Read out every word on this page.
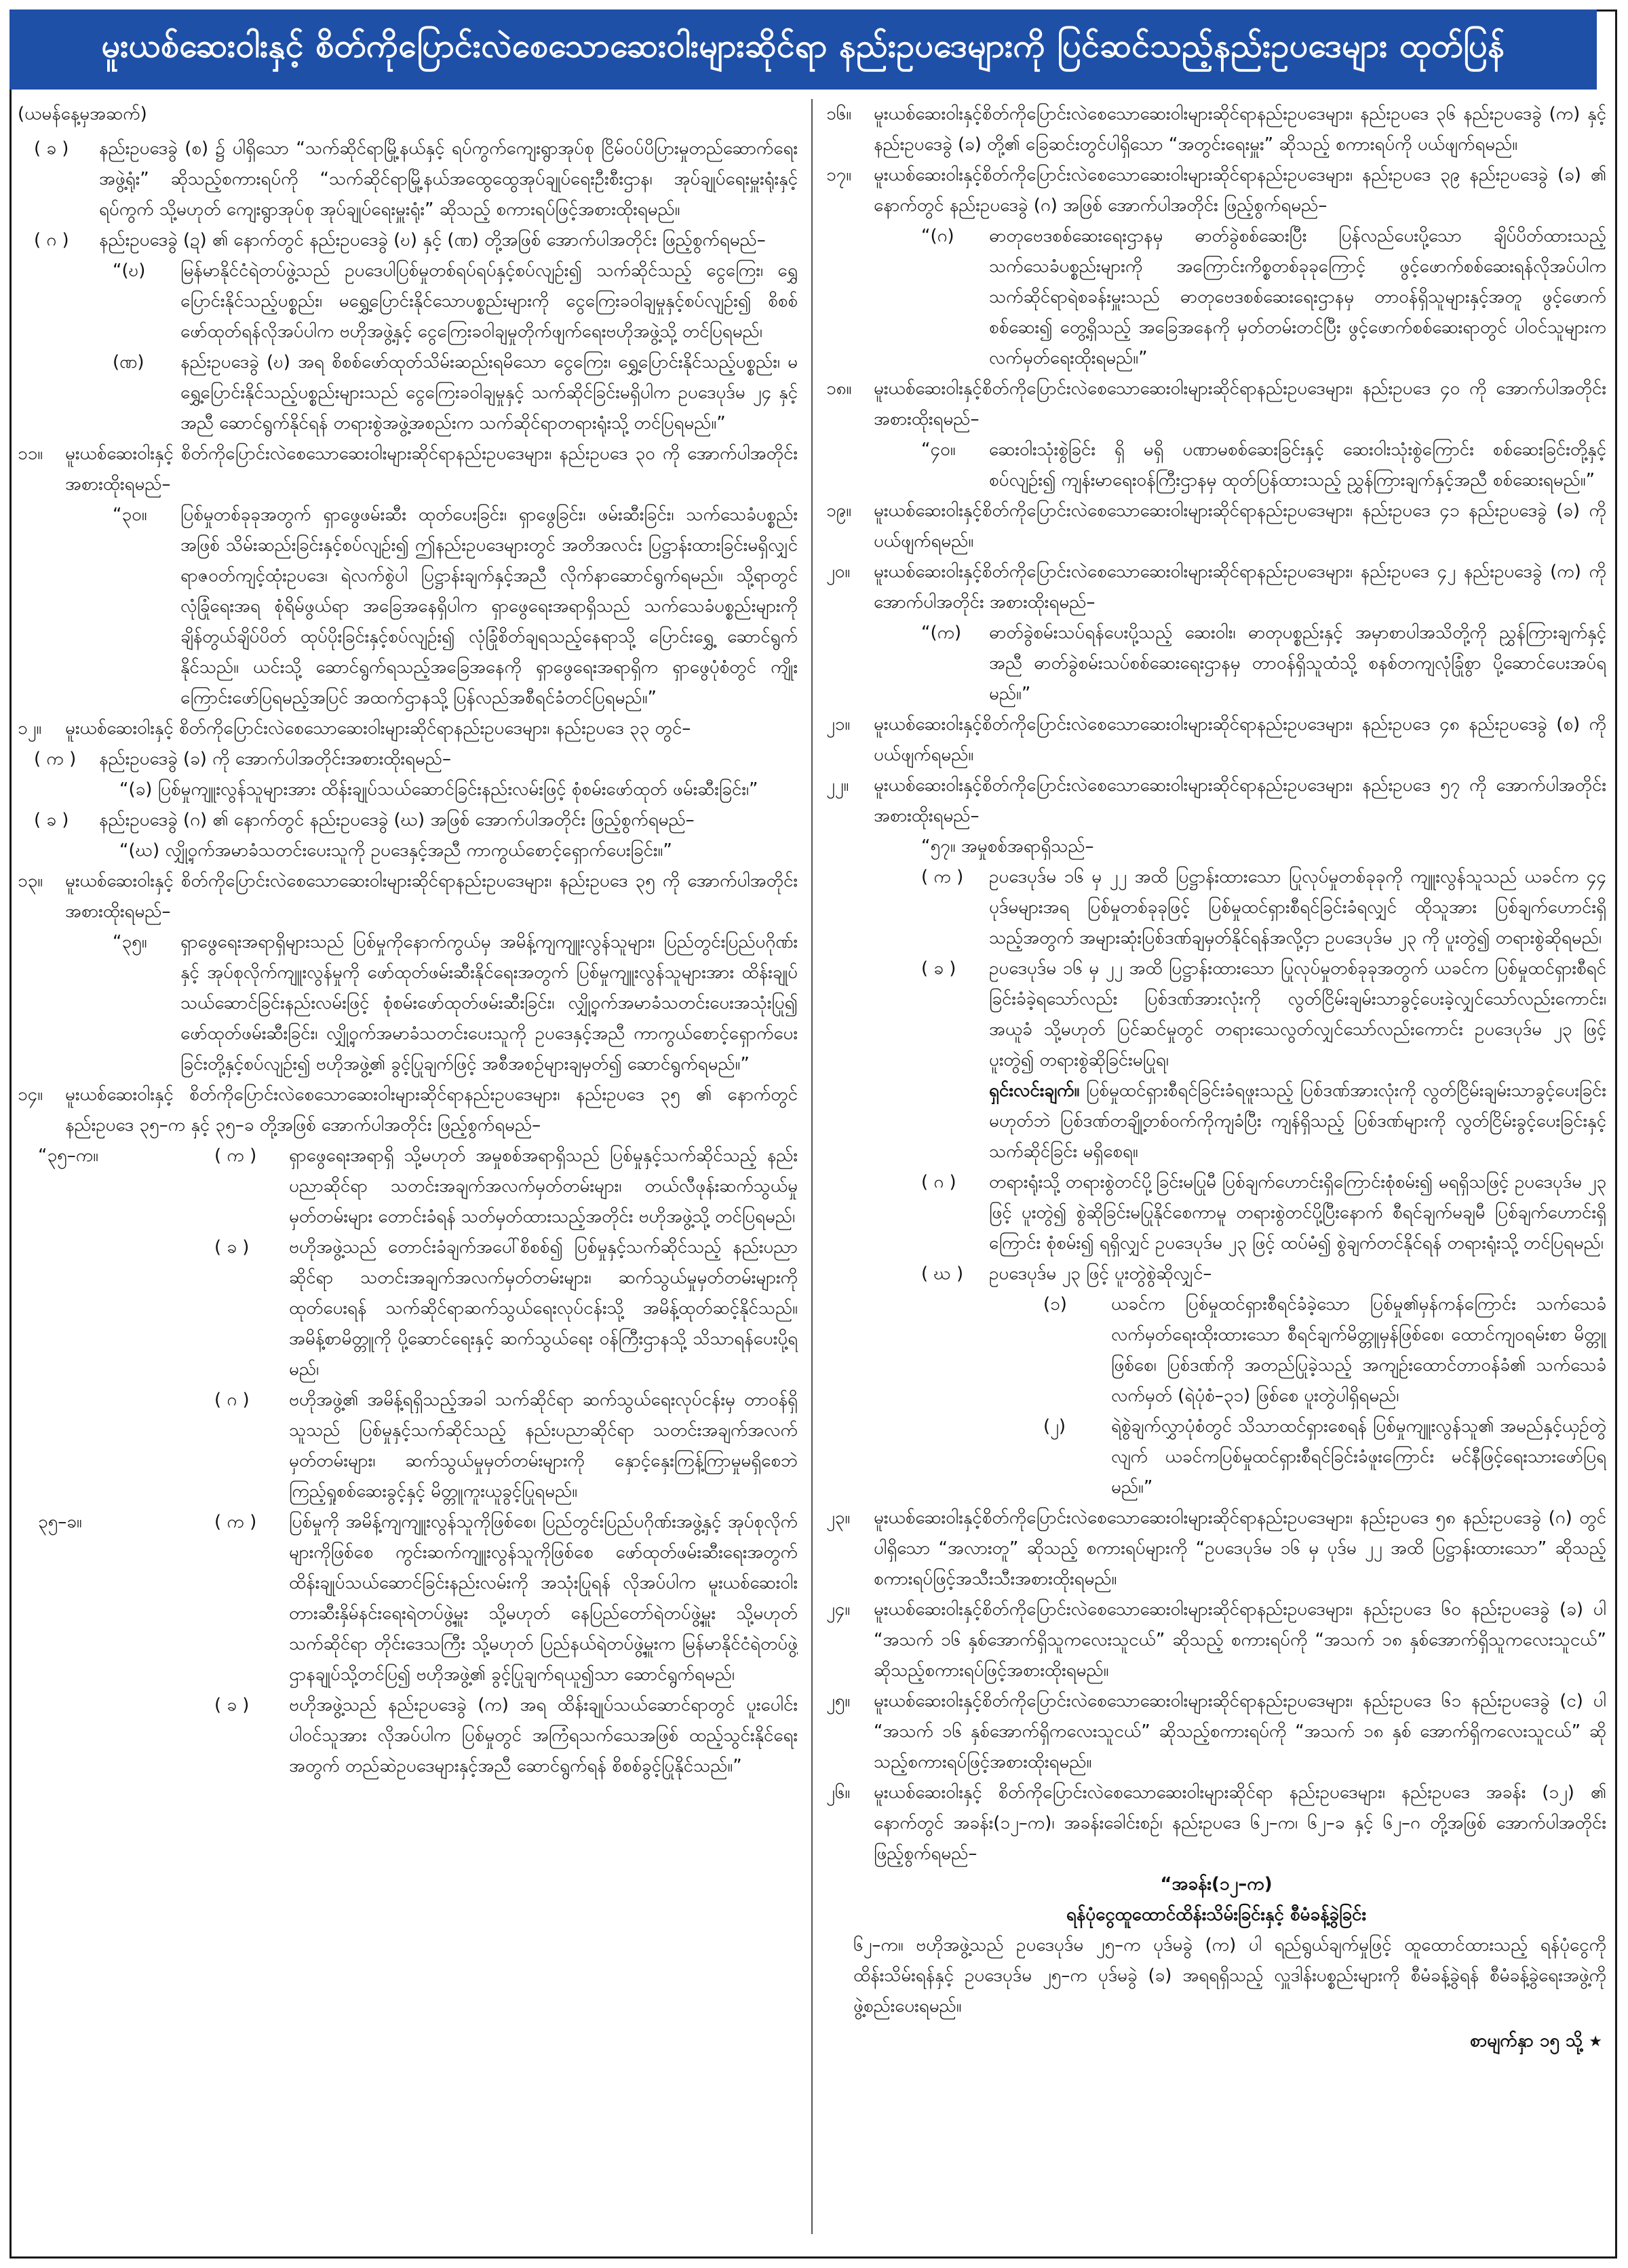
မူးယစ်ဆေးဝါးနှင့် စိတ်ကိုပြောင်းလဲစေသောဆေးဝါးများဆိုင်ရာ နည်းဥပဒေများကို ပြင်ဆင်သည့်နည်းဥပဒေများ ထုတ်ပြန်
(ယမန်နေ့မှအဆက်)
( ခ )	နည်းဥပဒေခွဲ (စ) ၌ ပါရှိသော “သက်ဆိုင်ရာမြို့နယ်နှင့် ရပ်ကွက်ကျေးရွာအုပ်စု ငြိမ်ဝပ်ပိပြားမှုတည်ဆောက်ရေးအဖွဲ့ရုံး” ဆိုသည့်စကားရပ်ကို “သက်ဆိုင်ရာမြို့နယ်အထွေထွေအုပ်ချုပ်ရေးဦးစီးဌာန၊ အုပ်ချုပ်ရေးမှူးရုံးနှင့် ရပ်ကွက် သို့မဟုတ် ကျေးရွာအုပ်စု အုပ်ချုပ်ရေးမှူးရုံး” ဆိုသည့် စကားရပ်ဖြင့်အစားထိုးရမည်။
( ဂ )	နည်းဥပဒေခွဲ (ဍ) ၏ နောက်တွင် နည်းဥပဒေခွဲ (ဎ) နှင့် (ဏ) တို့အဖြစ် အောက်ပါအတိုင်း ဖြည့်စွက်ရမည်–
“(ဎ)	မြန်မာနိုင်ငံရဲတပ်ဖွဲ့သည် ဥပဒေပါပြစ်မှုတစ်ရပ်ရပ်နှင့်စပ်လျဉ်း၍ သက်ဆိုင်သည့် ငွေကြေး၊ ရွှေပြောင်းနိုင်သည့်ပစ္စည်း၊ မရွှေ့ပြောင်းနိုင်သောပစ္စည်းများကို ငွေကြေးခဝါချမှုနှင့်စပ်လျဉ်း၍ စိစစ်ဖော်ထုတ်ရန်လိုအပ်ပါက ဗဟိုအဖွဲ့နှင့် ငွေကြေးခဝါချမှုတိုက်ဖျက်ရေးဗဟိုအဖွဲ့သို့ တင်ပြရမည်၊
(ဏ)	နည်းဥပဒေခွဲ (ဎ) အရ စိစစ်ဖော်ထုတ်သိမ်းဆည်းရမိသော ငွေကြေး၊ ရွှေ့ပြောင်းနိုင်သည့်ပစ္စည်း၊ မရွှေ့ပြောင်းနိုင်သည့်ပစ္စည်းများသည် ငွေကြေးခဝါချမှုနှင့် သက်ဆိုင်ခြင်းမရှိပါက ဥပဒေပုဒ်မ ၂၄ နှင့်အညီ ဆောင်ရွက်နိုင်ရန် တရားစွဲအဖွဲ့အစည်းက သက်ဆိုင်ရာတရားရုံးသို့ တင်ပြရမည်။”
၁၁။	မူးယစ်ဆေးဝါးနှင့် စိတ်ကိုပြောင်းလဲစေသောဆေးဝါးများဆိုင်ရာနည်းဥပဒေများ၊ နည်းဥပဒေ ၃၀ ကို အောက်ပါအတိုင်း အစားထိုးရမည်–
“၃၀။	ပြစ်မှုတစ်ခုခုအတွက် ရှာဖွေဖမ်းဆီး ထုတ်ပေးခြင်း၊ ရှာဖွေခြင်း၊ ဖမ်းဆီးခြင်း၊ သက်သေခံပစ္စည်းအဖြစ် သိမ်းဆည်းခြင်းနှင့်စပ်လျဉ်း၍ ဤနည်းဥပဒေများတွင် အတိအလင်း ပြဋ္ဌာန်းထားခြင်းမရှိလျှင် ရာဇဝတ်ကျင့်ထုံးဥပဒေ၊ ရဲလက်စွဲပါ ပြဋ္ဌာန်းချက်နှင့်အညီ လိုက်နာဆောင်ရွက်ရမည်။ သို့ရာတွင် လုံခြုံရေးအရ စုံရိမ်ဖွယ်ရာ အခြေအနေရှိပါက ရှာဖွေရေးအရာရှိသည် သက်သေခံပစ္စည်းများကို ချိန်တွယ်ချိပ်ပိတ် ထုပ်ပိုးခြင်းနှင့်စပ်လျဉ်း၍ လုံခြုံစိတ်ချရသည့်နေရာသို့ ပြောင်းရွှေ့ ဆောင်ရွက်နိုင်သည်။ ယင်းသို့ ဆောင်ရွက်ရသည့်အခြေအနေကို ရှာဖွေရေးအရာရှိက ရှာဖွေပုံစံတွင် ကျိုးကြောင်းဖော်ပြရမည့်အပြင် အထက်ဌာနသို့ ပြန်လည်အစီရင်ခံတင်ပြရမည်။”
၁၂။	မူးယစ်ဆေးဝါးနှင့် စိတ်ကိုပြောင်းလဲစေသောဆေးဝါးများဆိုင်ရာနည်းဥပဒေများ၊ နည်းဥပဒေ ၃၃ တွင်–
( က )	နည်းဥပဒေခွဲ (ခ) ကို အောက်ပါအတိုင်းအစားထိုးရမည်–
“(ခ) ပြစ်မှုကျူးလွန်သူများအား ထိန်းချုပ်သယ်ဆောင်ခြင်းနည်းလမ်းဖြင့် စုံစမ်းဖော်ထုတ် ဖမ်းဆီးခြင်း၊”
( ခ )	နည်းဥပဒေခွဲ (ဂ) ၏ နောက်တွင် နည်းဥပဒေခွဲ (ဃ) အဖြစ် အောက်ပါအတိုင်း ဖြည့်စွက်ရမည်–
“(ဃ) လျှို့ဝှက်အမာခံသတင်းပေးသူကို ဥပဒေနှင့်အညီ ကာကွယ်စောင့်ရှောက်ပေးခြင်း။”
၁၃။	မူးယစ်ဆေးဝါးနှင့် စိတ်ကိုပြောင်းလဲစေသောဆေးဝါးများဆိုင်ရာနည်းဥပဒေများ၊ နည်းဥပဒေ ၃၅ ကို အောက်ပါအတိုင်း အစားထိုးရမည်–
“၃၅။	ရှာဖွေရေးအရာရှိများသည် ပြစ်မှုကိုနောက်ကွယ်မှ အမိန့်ကျကျူးလွန်သူများ၊ ပြည်တွင်းပြည်ပဂိုဏ်းနှင့် အုပ်စုလိုက်ကျူးလွန်မှုကို ဖော်ထုတ်ဖမ်းဆီးနိုင်ရေးအတွက် ပြစ်မှုကျူးလွန်သူများအား ထိန်းချုပ်သယ်ဆောင်ခြင်းနည်းလမ်းဖြင့် စုံစမ်းဖော်ထုတ်ဖမ်းဆီးခြင်း၊ လျှို့ဝှက်အမာခံသတင်းပေးအသုံးပြု၍ ဖော်ထုတ်ဖမ်းဆီးခြင်း၊ လျှို့ဝှက်အမာခံသတင်းပေးသူကို ဥပဒေနှင့်အညီ ကာကွယ်စောင့်ရှောက်ပေးခြင်းတို့နှင့်စပ်လျဉ်း၍ ဗဟိုအဖွဲ့၏ ခွင့်ပြုချက်ဖြင့် အစီအစဉ်များချမှတ်၍ ဆောင်ရွက်ရမည်။”
၁၄။	မူးယစ်ဆေးဝါးနှင့် စိတ်ကိုပြောင်းလဲစေသောဆေးဝါးများဆိုင်ရာနည်းဥပဒေများ၊ နည်းဥပဒေ ၃၅ ၏ နောက်တွင် နည်းဥပဒေ ၃၅–က နှင့် ၃၅–ခ တို့အဖြစ် အောက်ပါအတိုင်း ဖြည့်စွက်ရမည်–
“၃၅–က။	( က )	ရှာဖွေရေးအရာရှိ သို့မဟုတ် အမှုစစ်အရာရှိသည် ပြစ်မှုနှင့်သက်ဆိုင်သည့် နည်းပညာဆိုင်ရာ သတင်းအချက်အလက်မှတ်တမ်းများ၊ တယ်လီဖုန်းဆက်သွယ်မှုမှတ်တမ်းများ တောင်းခံရန် သတ်မှတ်ထားသည့်အတိုင်း ဗဟိုအဖွဲ့သို့ တင်ပြရမည်၊
( ခ )	ဗဟိုအဖွဲ့သည် တောင်းခံချက်အပေါ်စိစစ်၍ ပြစ်မှုနှင့်သက်ဆိုင်သည့် နည်းပညာဆိုင်ရာ သတင်းအချက်အလက်မှတ်တမ်းများ၊ ဆက်သွယ်မှုမှတ်တမ်းများကိုထုတ်ပေးရန် သက်ဆိုင်ရာဆက်သွယ်ရေးလုပ်ငန်းသို့ အမိန့်ထုတ်ဆင့်နိုင်သည်။ အမိန့်စာမိတ္တူကို ပို့ဆောင်ရေးနှင့် ဆက်သွယ်ရေး ဝန်ကြီးဌာနသို့ သိသာရန်ပေးပို့ရမည်၊
( ဂ )	ဗဟိုအဖွဲ့၏ အမိန့်ရရှိသည့်အခါ သက်ဆိုင်ရာ ဆက်သွယ်ရေးလုပ်ငန်းမှ တာဝန်ရှိသူသည် ပြစ်မှုနှင့်သက်ဆိုင်သည့် နည်းပညာဆိုင်ရာ သတင်းအချက်အလက်မှတ်တမ်းများ၊ ဆက်သွယ်မှုမှတ်တမ်းများကို နှောင့်နှေးကြန့်ကြာမှုမရှိစေဘဲ ကြည့်ရှုစစ်ဆေးခွင့်နှင့် မိတ္တူကူးယူခွင့်ပြုရမည်။
၃၅–ခ။	( က )	ပြစ်မှုကို အမိန့်ကျကျူးလွန်သူကိုဖြစ်စေ၊ ပြည်တွင်းပြည်ပဂိုဏ်းအဖွဲ့နှင့် အုပ်စုလိုက်များကိုဖြစ်စေ ကွင်းဆက်ကျူးလွန်သူကိုဖြစ်စေ ဖော်ထုတ်ဖမ်းဆီးရေးအတွက် ထိန်းချုပ်သယ်ဆောင်ခြင်းနည်းလမ်းကို အသုံးပြုရန် လိုအပ်ပါက မူးယစ်ဆေးဝါးတားဆီးနှိမ်နင်းရေးရဲတပ်ဖွဲ့မှူး သို့မဟုတ် နေပြည်တော်ရဲတပ်ဖွဲ့မှူး သို့မဟုတ် သက်ဆိုင်ရာ တိုင်းဒေသကြီး သို့မဟုတ် ပြည်နယ်ရဲတပ်ဖွဲ့မှူးက မြန်မာနိုင်ငံရဲတပ်ဖွဲ့ဌာနချုပ်သို့တင်ပြ၍ ဗဟိုအဖွဲ့၏ ခွင့်ပြုချက်ရယူ၍သာ ဆောင်ရွက်ရမည်၊
( ခ )	ဗဟိုအဖွဲ့သည် နည်းဥပဒေခွဲ (က) အရ ထိန်းချုပ်သယ်ဆောင်ရာတွင် ပူးပေါင်းပါဝင်သူအား လိုအပ်ပါက ပြစ်မှုတွင် အကြံရသက်သေအဖြစ် ထည့်သွင်းနိုင်ရေးအတွက် တည်ဆဲဥပဒေများနှင့်အညီ ဆောင်ရွက်ရန် စိစစ်ခွင့်ပြုနိုင်သည်။”
၁၆။	မူးယစ်ဆေးဝါးနှင့်စိတ်ကိုပြောင်းလဲစေသောဆေးဝါးများဆိုင်ရာနည်းဥပဒေများ၊ နည်းဥပဒေ ၃၆ နည်းဥပဒေခွဲ (က) နှင့် နည်းဥပဒေခွဲ (ခ) တို့၏ ခြေဆင်းတွင်ပါရှိသော “အတွင်းရေးမှူး” ဆိုသည့် စကားရပ်ကို ပယ်ဖျက်ရမည်။
၁၇။	မူးယစ်ဆေးဝါးနှင့်စိတ်ကိုပြောင်းလဲစေသောဆေးဝါးများဆိုင်ရာနည်းဥပဒေများ၊ နည်းဥပဒေ ၃၉ နည်းဥပဒေခွဲ (ခ) ၏ နောက်တွင် နည်းဥပဒေခွဲ (ဂ) အဖြစ် အောက်ပါအတိုင်း ဖြည့်စွက်ရမည်–
“(ဂ)	ဓာတုဗေဒစစ်ဆေးရေးဌာနမှ ဓာတ်ခွဲစစ်ဆေးပြီး ပြန်လည်ပေးပို့သော ချိပ်ပိတ်ထားသည့် သက်သေခံပစ္စည်းများကို အကြောင်းကိစ္စတစ်ခုခုကြောင့် ဖွင့်ဖောက်စစ်ဆေးရန်လိုအပ်ပါက သက်ဆိုင်ရာရဲစခန်းမှူးသည် ဓာတုဗေဒစစ်ဆေးရေးဌာနမှ တာဝန်ရှိသူများနှင့်အတူ ဖွင့်ဖောက်စစ်ဆေး၍ တွေ့ရှိသည့် အခြေအနေကို မှတ်တမ်းတင်ပြီး ဖွင့်ဖောက်စစ်ဆေးရာတွင် ပါဝင်သူများက လက်မှတ်ရေးထိုးရမည်။”
၁၈။	မူးယစ်ဆေးဝါးနှင့်စိတ်ကိုပြောင်းလဲစေသောဆေးဝါးများဆိုင်ရာနည်းဥပဒေများ၊ နည်းဥပဒေ ၄၀ ကို အောက်ပါအတိုင်း အစားထိုးရမည်–
“၄၀။	ဆေးဝါးသုံးစွဲခြင်း ရှိ မရှိ ပဏာမစစ်ဆေးခြင်းနှင့် ဆေးဝါးသုံးစွဲကြောင်း စစ်ဆေးခြင်းတို့နှင့်စပ်လျဉ်း၍ ကျန်းမာရေးဝန်ကြီးဌာနမှ ထုတ်ပြန်ထားသည့် ညွှန်ကြားချက်နှင့်အညီ စစ်ဆေးရမည်။”
၁၉။	မူးယစ်ဆေးဝါးနှင့်စိတ်ကိုပြောင်းလဲစေသောဆေးဝါးများဆိုင်ရာနည်းဥပဒေများ၊ နည်းဥပဒေ ၄၁ နည်းဥပဒေခွဲ (ခ) ကို ပယ်ဖျက်ရမည်။
၂၀။	မူးယစ်ဆေးဝါးနှင့်စိတ်ကိုပြောင်းလဲစေသောဆေးဝါးများဆိုင်ရာနည်းဥပဒေများ၊ နည်းဥပဒေ ၄၂ နည်းဥပဒေခွဲ (က) ကို အောက်ပါအတိုင်း အစားထိုးရမည်–
“(က)	ဓာတ်ခွဲစမ်းသပ်ရန်ပေးပို့သည့် ဆေးဝါး၊ ဓာတုပစ္စည်းနှင့် အမှာစာပါအသိတို့ကို ညွှန်ကြားချက်နှင့်အညီ ဓာတ်ခွဲစမ်းသပ်စစ်ဆေးရေးဌာနမှ တာဝန်ရှိသူထံသို့ စနစ်တကျလုံခြုံစွာ ပို့ဆောင်ပေးအပ်ရမည်။”
၂၁။	မူးယစ်ဆေးဝါးနှင့်စိတ်ကိုပြောင်းလဲစေသောဆေးဝါးများဆိုင်ရာနည်းဥပဒေများ၊ နည်းဥပဒေ ၄၈ နည်းဥပဒေခွဲ (စ) ကို ပယ်ဖျက်ရမည်။
၂၂။	မူးယစ်ဆေးဝါးနှင့်စိတ်ကိုပြောင်းလဲစေသောဆေးဝါးများဆိုင်ရာနည်းဥပဒေများ၊ နည်းဥပဒေ ၅၇ ကို အောက်ပါအတိုင်း အစားထိုးရမည်–
“၅၇။ အမှုစစ်အရာရှိသည်–
( က )	ဥပဒေပုဒ်မ ၁၆ မှ ၂၂ အထိ ပြဋ္ဌာန်းထားသော ပြုလုပ်မှုတစ်ခုခုကို ကျူးလွန်သူသည် ယခင်က ၄၄ ပုဒ်မများအရ ပြစ်မှုတစ်ခုခုဖြင့် ပြစ်မှုထင်ရှားစီရင်ခြင်းခံရလျှင် ထိုသူအား ပြစ်ချက်ဟောင်းရှိသည့်အတွက် အများဆုံးပြစ်ဒဏ်ချမှတ်နိုင်ရန်အလို့ငှာ ဥပဒေပုဒ်မ ၂၃ ကို ပူးတွဲ၍ တရားစွဲဆိုရမည်၊
( ခ )	ဥပဒေပုဒ်မ ၁၆ မှ ၂၂ အထိ ပြဋ္ဌာန်းထားသော ပြုလုပ်မှုတစ်ခုခုအတွက် ယခင်က ပြစ်မှုထင်ရှားစီရင်ခြင်းခံခဲ့ရသော်လည်း ပြစ်ဒဏ်အားလုံးကို လွတ်ငြိမ်းချမ်းသာခွင့်ပေးခဲ့လျှင်သော်လည်းကောင်း၊ အယူခံ သို့မဟုတ် ပြင်ဆင်မှုတွင် တရားသေလွတ်လျှင်သော်လည်းကောင်း ဥပဒေပုဒ်မ ၂၃ ဖြင့် ပူးတွဲ၍ တရားစွဲဆိုခြင်းမပြုရ၊
ရှင်းလင်းချက်။ ပြစ်မှုထင်ရှားစီရင်ခြင်းခံရဖူးသည့် ပြစ်ဒဏ်အားလုံးကို လွတ်ငြိမ်းချမ်းသာခွင့်ပေးခြင်းမဟုတ်ဘဲ ပြစ်ဒဏ်တချို့တစ်ဝက်ကိုကျခံပြီး ကျန်ရှိသည့် ပြစ်ဒဏ်များကို လွတ်ငြိမ်းခွင့်ပေးခြင်းနှင့်သက်ဆိုင်ခြင်း မရှိစေရ။
( ဂ )	တရားရုံးသို့ တရားစွဲတင်ပို့ခြင်းမပြုမီ ပြစ်ချက်ဟောင်းရှိကြောင်းစုံစမ်း၍ မရရှိသဖြင့် ဥပဒေပုဒ်မ ၂၃ ဖြင့် ပူးတွဲ၍ စွဲဆိုခြင်းမပြုနိုင်စေကာမူ တရားစွဲတင်ပို့ပြီးနောက် စီရင်ချက်မချမီ ပြစ်ချက်ဟောင်းရှိကြောင်း စုံစမ်း၍ ရရှိလျှင် ဥပဒေပုဒ်မ ၂၃ ဖြင့် ထပ်မံ၍ စွဲချက်တင်နိုင်ရန် တရားရုံးသို့ တင်ပြရမည်၊
( ဃ )	ဥပဒေပုဒ်မ ၂၃ ဖြင့် ပူးတွဲစွဲဆိုလျှင်–
(၁)	ယခင်က ပြစ်မှုထင်ရှားစီရင်ခံခဲ့သော ပြစ်မှု၏မှန်ကန်ကြောင်း သက်သေခံလက်မှတ်ရေးထိုးထားသော စီရင်ချက်မိတ္တူမှန်ဖြစ်စေ၊ ထောင်ကျဝရမ်းစာ မိတ္တူဖြစ်စေ၊ ပြစ်ဒဏ်ကို အတည်ပြုခဲ့သည့် အကျဉ်းထောင်တာဝန်ခံ၏ သက်သေခံလက်မှတ် (ရဲပုံစံ–၃၁) ဖြစ်စေ ပူးတွဲပါရှိရမည်၊
(၂)	ရဲစွဲချက်လွှာပုံစံတွင် သိသာထင်ရှားစေရန် ပြစ်မှုကျူးလွန်သူ၏ အမည်နှင့်ယှဉ်တွဲလျက် ယခင်ကပြစ်မှုထင်ရှားစီရင်ခြင်းခံဖူးကြောင်း မင်နီဖြင့်ရေးသားဖော်ပြရမည်။”
၂၃။	မူးယစ်ဆေးဝါးနှင့်စိတ်ကိုပြောင်းလဲစေသောဆေးဝါးများဆိုင်ရာနည်းဥပဒေများ၊ နည်းဥပဒေ ၅၈ နည်းဥပဒေခွဲ (ဂ) တွင်ပါရှိသော “အလားတူ” ဆိုသည့် စကားရပ်များကို “ဥပဒေပုဒ်မ ၁၆ မှ ပုဒ်မ ၂၂ အထိ ပြဋ္ဌာန်းထားသော” ဆိုသည့်စကားရပ်ဖြင့်အသီးသီးအစားထိုးရမည်။
၂၄။	မူးယစ်ဆေးဝါးနှင့်စိတ်ကိုပြောင်းလဲစေသောဆေးဝါးများဆိုင်ရာနည်းဥပဒေများ၊ နည်းဥပဒေ ၆၀ နည်းဥပဒေခွဲ (ခ) ပါ “အသက် ၁၆ နှစ်အောက်ရှိသူကလေးသူငယ်” ဆိုသည့် စကားရပ်ကို “အသက် ၁၈ နှစ်အောက်ရှိသူကလေးသူငယ်” ဆိုသည့်စကားရပ်ဖြင့်အစားထိုးရမည်။
၂၅။	မူးယစ်ဆေးဝါးနှင့်စိတ်ကိုပြောင်းလဲစေသောဆေးဝါးများဆိုင်ရာနည်းဥပဒေများ၊ နည်းဥပဒေ ၆၁ နည်းဥပဒေခွဲ (င) ပါ “အသက် ၁၆ နှစ်အောက်ရှိကလေးသူငယ်” ဆိုသည့်စကားရပ်ကို “အသက် ၁၈ နှစ် အောက်ရှိကလေးသူငယ်” ဆိုသည့်စကားရပ်ဖြင့်အစားထိုးရမည်။
၂၆။	မူးယစ်ဆေးဝါးနှင့် စိတ်ကိုပြောင်းလဲစေသောဆေးဝါးများဆိုင်ရာ နည်းဥပဒေများ၊ နည်းဥပဒေ အခန်း (၁၂) ၏ နောက်တွင် အခန်း(၁၂–က)၊ အခန်းခေါင်းစဉ်၊ နည်းဥပဒေ ၆၂–က၊ ၆၂–ခ နှင့် ၆၂–ဂ တို့အဖြစ် အောက်ပါအတိုင်းဖြည့်စွက်ရမည်–
“အခန်း(၁၂–က)
ရန်ပုံငွေထူထောင်ထိန်းသိမ်းခြင်းနှင့် စီမံခန့်ခွဲခြင်း
၆၂–က။ ဗဟိုအဖွဲ့သည် ဥပဒေပုဒ်မ ၂၅–က ပုဒ်မခွဲ (က) ပါ ရည်ရွယ်ချက်မှုဖြင့် ထူထောင်ထားသည့် ရန်ပုံငွေကို ထိန်းသိမ်းရန်နှင့် ဥပဒေပုဒ်မ ၂၅–က ပုဒ်မခွဲ (ခ) အရရရှိသည့် လှူဒါန်းပစ္စည်းများကို စီမံခန့်ခွဲရန် စီမံခန့်ခွဲရေးအဖွဲ့ကို ဖွဲ့စည်းပေးရမည်။
စာမျက်နှာ ၁၅ သို့ ★
